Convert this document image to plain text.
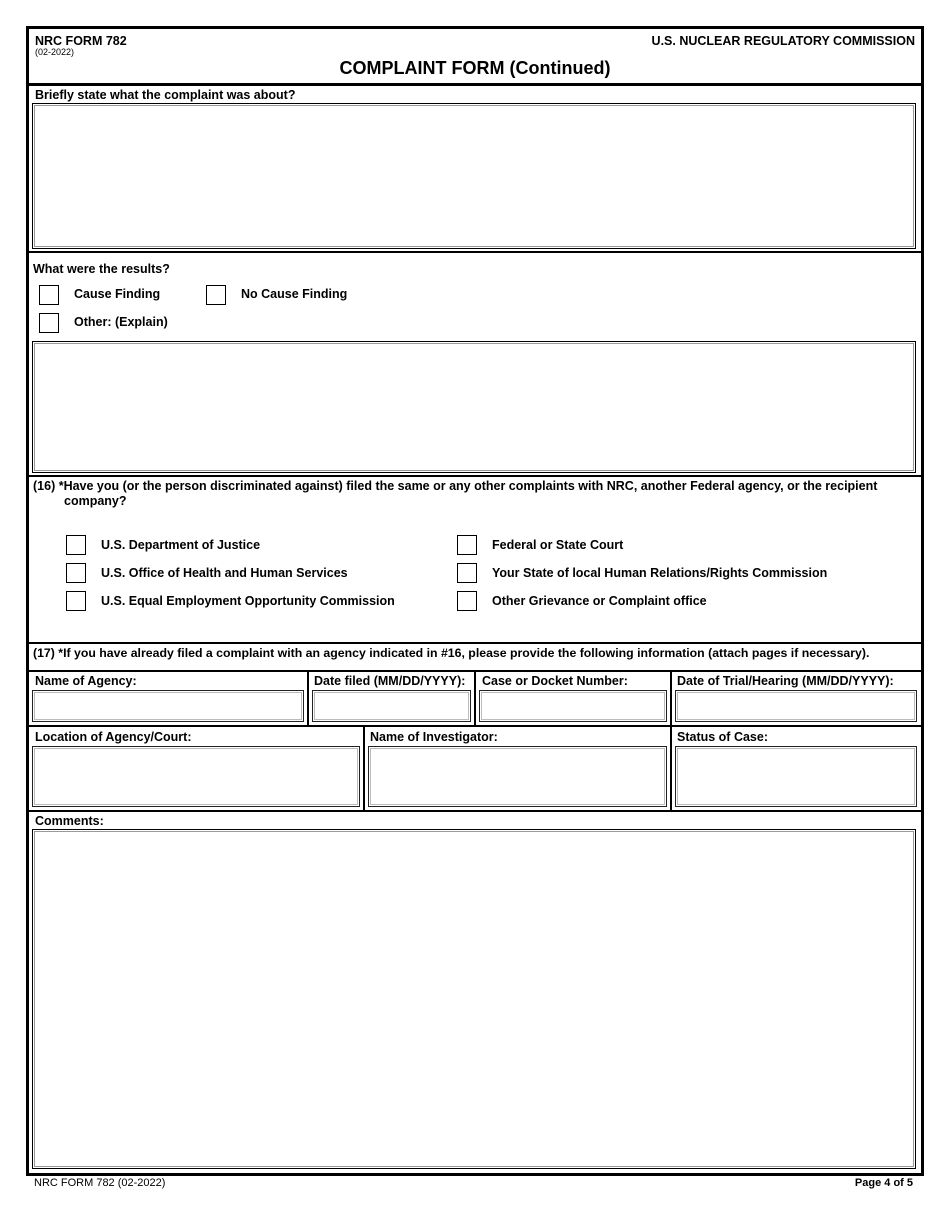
NRC FORM 782
(02-2022)
U.S. NUCLEAR REGULATORY COMMISSION
COMPLAINT FORM (Continued)
Briefly state what the complaint was about?
What were the results?
Cause Finding	No Cause Finding
Other: (Explain)
(16) *Have you (or the person discriminated against) filed the same or any other complaints with NRC, another Federal agency, or the recipient
company?
U.S. Department of Justice	Federal or State Court
U.S. Office of Health and Human Services	Your State of local Human Relations/Rights Commission
U.S. Equal Employment Opportunity Commission	Other Grievance or Complaint office
(17) *If you have already filed a complaint with an agency indicated in #16, please provide the following information (attach pages if necessary).
Name of Agency:	Date filed (MM/DD/YYYY): Case or Docket Number:	Date of Trial/Hearing (MM/DD/YYYY):
Location of Agency/Court:	Name of Investigator:	Status of Case:
Comments:
NRC FORM 782 (02-2022)	Page 4 of 5
